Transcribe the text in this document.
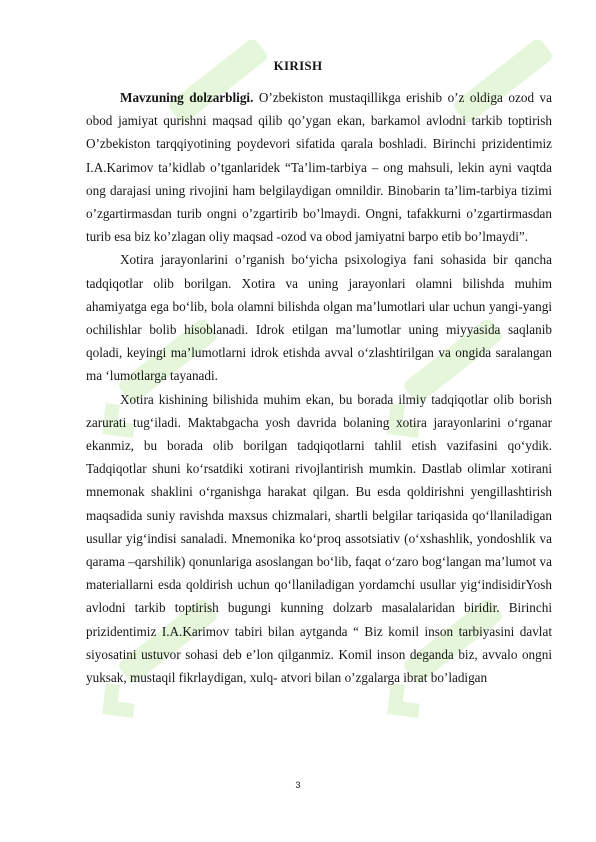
KIRISH

Mavzuning dolzarbligi. O’zbekiston mustaqillikga erishib o’z oldiga ozod va obod jamiyat qurishni maqsad qilib qo’ygan ekan, barkamol avlodni tarkib toptirish O’zbekiston tarqqiyotining poydevori sifatida qarala boshladi. Birinchi prizidentimiz I.A.Karimov ta’kidlab o’tganlaridek “Ta’lim-tarbiya – ong mahsuli, lekin ayni vaqtda ong darajasi uning rivojini ham belgilaydigan omnildir. Binobarin ta’lim-tarbiya tizimi o’zgartirmasdan turib ongni o’zgartirib bo’lmaydi. Ongni, tafakkurni o’zgartirmasdan turib esa biz ko’zlagan oliy maqsad -ozod va obod jamiyatni barpo etib bo’lmaydi”.

Xotira jarayonlarini o’rganish bo‘yicha psixologiya fani sohasida bir qancha tadqiqotlar olib borilgan. Xotira va uning jarayonlari olamni bilishda muhim ahamiyatga ega bo‘lib, bola olamni bilishda olgan ma’lumotlari ular uchun yangi-yangi ochilishlar bolib hisoblanadi. Idrok etilgan ma’lumotlar uning miyyasida saqlanib qoladi, keyingi ma’lumotlarni idrok etishda avval o‘zlashtirilgan va ongida saralangan ma ‘lumotlarga tayanadi.

Xotira kishining bilishida muhim ekan, bu borada ilmiy tadqiqotlar olib borish zarurati tug‘iladi. Maktabgacha yosh davrida bolaning xotira jarayonlarini o‘rganar ekanmiz, bu borada olib borilgan tadqiqotlarni tahlil etish vazifasini qo‘ydik. Tadqiqotlar shuni ko‘rsatdiki xotirani rivojlantirish mumkin. Dastlab olimlar xotirani mnemonak shaklini o‘rganishga harakat qilgan. Bu esda qoldirishni yengillashtirish maqsadida suniy ravishda maxsus chizmalari, shartli belgilar tariqasida qo‘llaniladigan usullar yig‘indisi sanaladi. Mnemonika ko‘proq assotsiativ (o‘xshashlik, yondoshlik va qarama –qarshilik) qonunlariga asoslangan bo‘lib, faqat o‘zaro bog‘langan ma’lumot va materiallarni esda qoldirish uchun qo‘llaniladigan yordamchi usullar yig‘indisidirYosh avlodni tarkib toptirish bugungi kunning dolzarb masalalaridan biridir. Birinchi prizidentimiz I.A.Karimov tabiri bilan aytganda “ Biz komil inson tarbiyasini davlat siyosatini ustuvor sohasi deb e’lon qilganmiz. Komil inson deganda biz, avvalo ongni yuksak, mustaqil fikrlaydigan, xulq- atvori bilan o’zgalarga ibrat bo’ladigan

3
